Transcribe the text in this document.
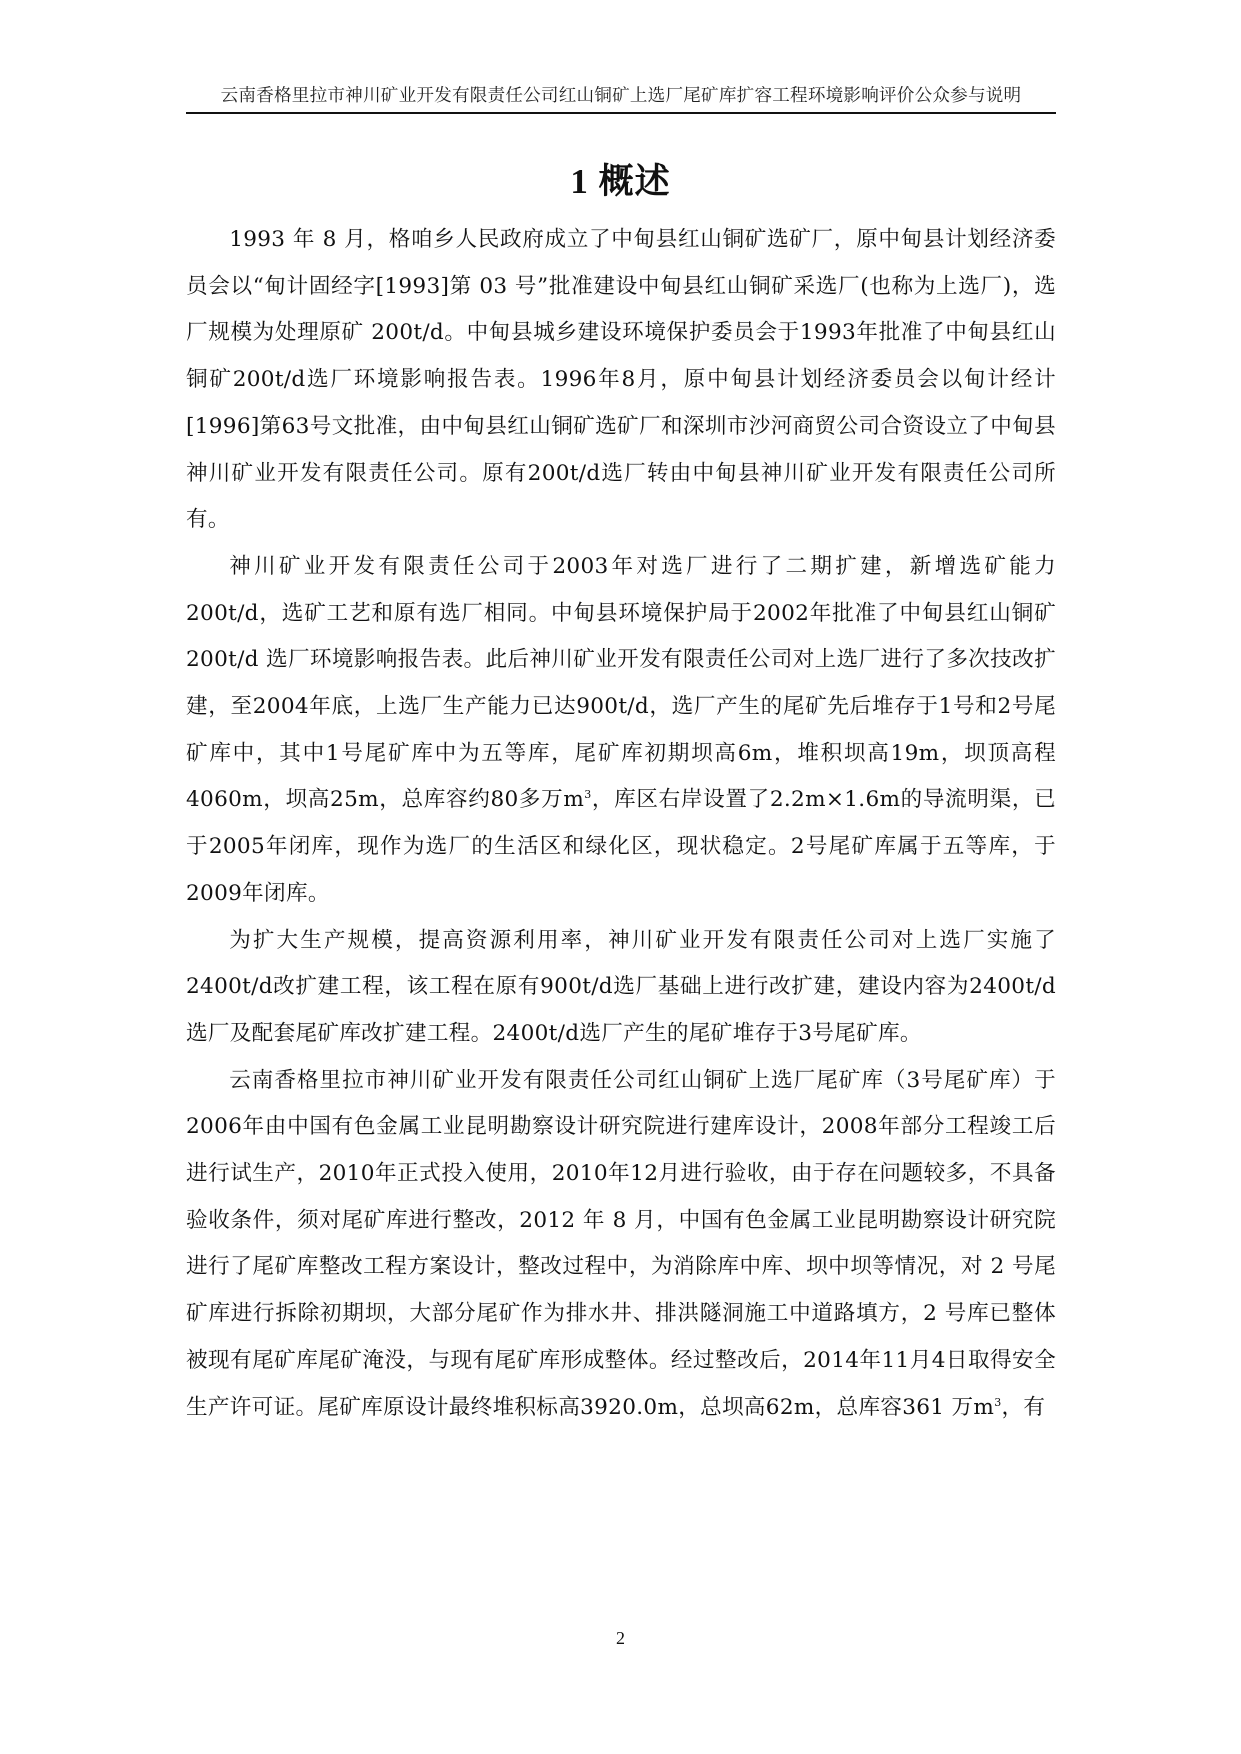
云南香格里拉市神川矿业开发有限责任公司红山铜矿上选厂尾矿库扩容工程环境影响评价公众参与说明
1 概述

1993 年 8 月，格咱乡人民政府成立了中甸县红山铜矿选矿厂，原中甸县计划经济委员会以“甸计固经字[1993]第 03 号”批准建设中甸县红山铜矿采选厂(也称为上选厂)，选厂规模为处理原矿 200t/d。中甸县城乡建设环境保护委员会于1993年批准了中甸县红山铜矿200t/d选厂环境影响报告表。1996年8月，原中甸县计划经济委员会以甸计经计[1996]第63号文批准，由中甸县红山铜矿选矿厂和深圳市沙河商贸公司合资设立了中甸县神川矿业开发有限责任公司。原有200t/d选厂转由中甸县神川矿业开发有限责任公司所有。

神川矿业开发有限责任公司于2003年对选厂进行了二期扩建，新增选矿能力200t/d，选矿工艺和原有选厂相同。中甸县环境保护局于2002年批准了中甸县红山铜矿 200t/d 选厂环境影响报告表。此后神川矿业开发有限责任公司对上选厂进行了多次技改扩建，至2004年底，上选厂生产能力已达900t/d，选厂产生的尾矿先后堆存于1号和2号尾矿库中，其中1号尾矿库中为五等库，尾矿库初期坝高6m，堆积坝高19m，坝顶高程 4060m，坝高25m，总库容约80多万$m^3$，库区右岸设置了2.2m×1.6m的导流明渠，已于2005年闭库，现作为选厂的生活区和绿化区，现状稳定。2号尾矿库属于五等库，于2009年闭库。

为扩大生产规模，提高资源利用率，神川矿业开发有限责任公司对上选厂实施了2400t/d改扩建工程，该工程在原有900t/d选厂基础上进行改扩建，建设内容为2400t/d选厂及配套尾矿库改扩建工程。2400t/d选厂产生的尾矿堆存于3号尾矿库。

云南香格里拉市神川矿业开发有限责任公司红山铜矿上选厂尾矿库（3号尾矿库）于2006年由中国有色金属工业昆明勘察设计研究院进行建库设计，2008年部分工程竣工后进行试生产，2010年正式投入使用，2010年12月进行验收，由于存在问题较多，不具备验收条件，须对尾矿库进行整改，2012 年 8 月，中国有色金属工业昆明勘察设计研究院进行了尾矿库整改工程方案设计，整改过程中，为消除库中库、坝中坝等情况，对 2 号尾矿库进行拆除初期坝，大部分尾矿作为排水井、排洪隧洞施工中道路填方，2 号库已整体被现有尾矿库尾矿淹没，与现有尾矿库形成整体。经过整改后，2014年11月4日取得安全生产许可证。尾矿库原设计最终堆积标高3920.0m，总坝高62m，总库容361 万$m^3$，有

2
